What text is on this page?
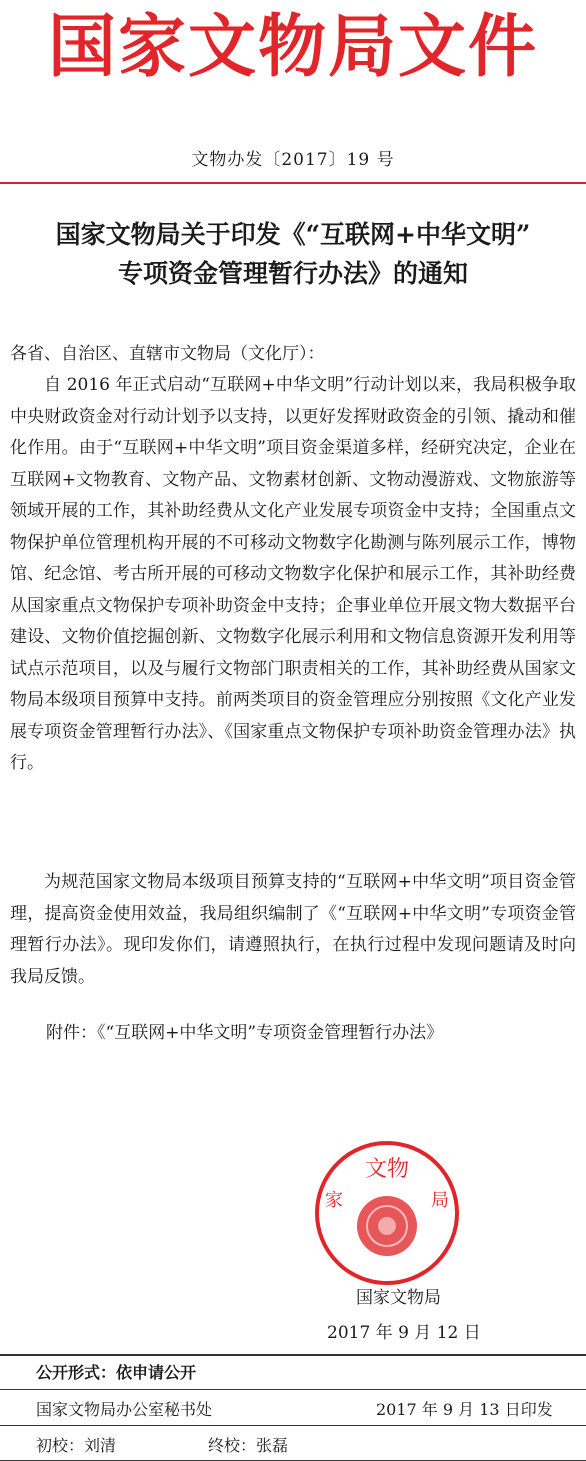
国家文物局文件
文物办发〔2017〕19 号
国家文物局关于印发《“互联网+中华文明”
专项资金管理暂行办法》的通知
各省、自治区、直辖市文物局（文化厅）：

自 2016 年正式启动“互联网+中华文明”行动计划以来，我局积极争取中央财政资金对行动计划予以支持，以更好发挥财政资金的引领、撬动和催化作用。由于“互联网+中华文明”项目资金渠道多样，经研究决定，企业在互联网+文物教育、文物产品、文物素材创新、文物动漫游戏、文物旅游等领域开展的工作，其补助经费从文化产业发展专项资金中支持；全国重点文物保护单位管理机构开展的不可移动文物数字化勘测与陈列展示工作，博物馆、纪念馆、考古所开展的可移动文物数字化保护和展示工作，其补助经费从国家重点文物保护专项补助资金中支持；企事业单位开展文物大数据平台建设、文物价值挖掘创新、文物数字化展示利用和文物信息资源开发利用等试点示范项目，以及与履行文物部门职责相关的工作，其补助经费从国家文物局本级项目预算中支持。前两类项目的资金管理应分别按照《文化产业发展专项资金管理暂行办法》、《国家重点文物保护专项补助资金管理办法》执行。

为规范国家文物局本级项目预算支持的“互联网+中华文明”项目资金管理，提高资金使用效益，我局组织编制了《“互联网+中华文明”专项资金管理暂行办法》。现印发你们，请遵照执行，在执行过程中发现问题请及时向我局反馈。

附件：《“互联网+中华文明”专项资金管理暂行办法》
文物
家	局
国家文物局
2017 年 9 月 12 日
公开形式：依申请公开
国家文物局办公室秘书处	2017 年 9 月 13 日印发
初校：刘清	终校：张磊
